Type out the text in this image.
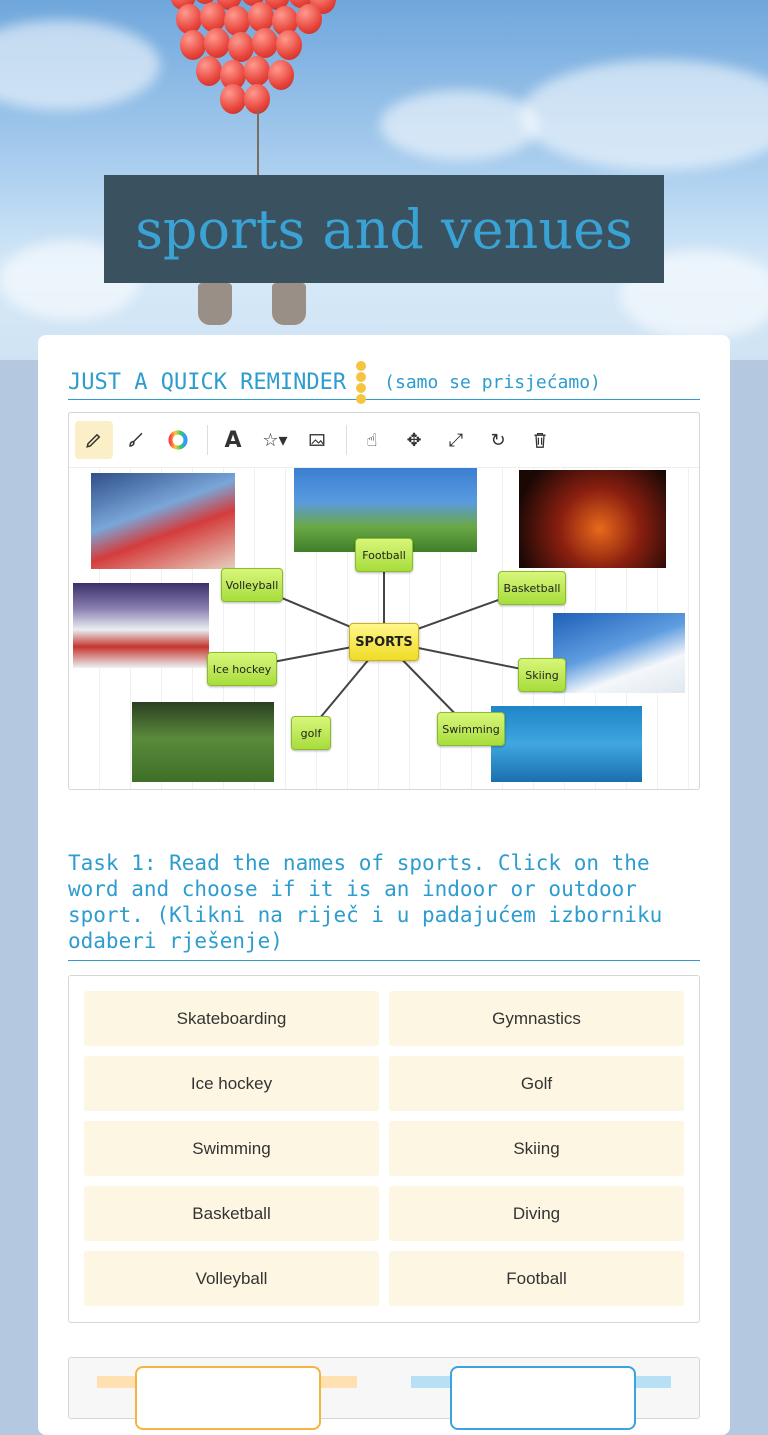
sports and venues
JUST A QUICK REMINDER (samo se prisjećamo)
A	☆▾	☝	✥	⤢	↻
Football
Volleyball	Basketball
SPORTS
Ice hockey	Skiing
golf	Swimming
Task 1: Read the names of sports. Click on the word and choose if it is an indoor or outdoor sport. (Klikni na riječ i u padajućem izborniku odaberi rješenje)
Skateboarding	Gymnastics
Ice hockey	Golf
Swimming	Skiing
Basketball	Diving
Volleyball	Football
